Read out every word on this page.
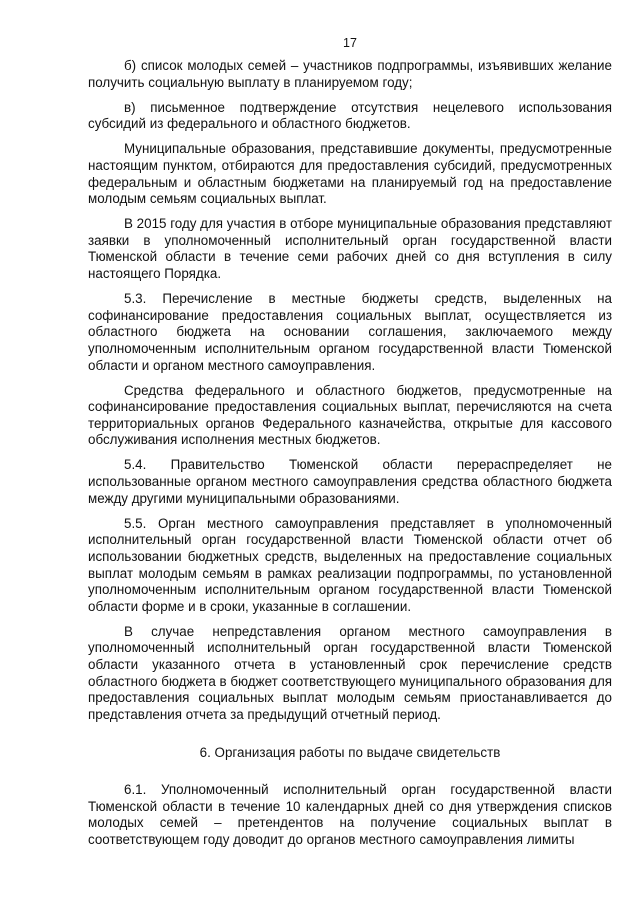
17

б) список молодых семей – участников подпрограммы, изъявивших желание получить социальную выплату в планируемом году;

в) письменное подтверждение отсутствия нецелевого использования субсидий из федерального и областного бюджетов.

Муниципальные образования, представившие документы, предусмотренные настоящим пунктом, отбираются для предоставления субсидий, предусмотренных федеральным и областным бюджетами на планируемый год на предоставление молодым семьям социальных выплат.

В 2015 году для участия в отборе муниципальные образования представляют заявки в уполномоченный исполнительный орган государственной власти Тюменской области в течение семи рабочих дней со дня вступления в силу настоящего Порядка.

5.3. Перечисление в местные бюджеты средств, выделенных на софинансирование предоставления социальных выплат, осуществляется из областного бюджета на основании соглашения, заключаемого между уполномоченным исполнительным органом государственной власти Тюменской области и органом местного самоуправления.

Средства федерального и областного бюджетов, предусмотренные на софинансирование предоставления социальных выплат, перечисляются на счета территориальных органов Федерального казначейства, открытые для кассового обслуживания исполнения местных бюджетов.

5.4. Правительство Тюменской области перераспределяет не использованные органом местного самоуправления средства областного бюджета между другими муниципальными образованиями.

5.5. Орган местного самоуправления представляет в уполномоченный исполнительный орган государственной власти Тюменской области отчет об использовании бюджетных средств, выделенных на предоставление социальных выплат молодым семьям в рамках реализации подпрограммы, по установленной уполномоченным исполнительным органом государственной власти Тюменской области форме и в сроки, указанные в соглашении.

В случае непредставления органом местного самоуправления в уполномоченный исполнительный орган государственной власти Тюменской области указанного отчета в установленный срок перечисление средств областного бюджета в бюджет соответствующего муниципального образования для предоставления социальных выплат молодым семьям приостанавливается до представления отчета за предыдущий отчетный период.

6. Организация работы по выдаче свидетельств

6.1. Уполномоченный исполнительный орган государственной власти Тюменской области в течение 10 календарных дней со дня утверждения списков молодых семей – претендентов на получение социальных выплат в соответствующем году доводит до органов местного самоуправления лимиты
